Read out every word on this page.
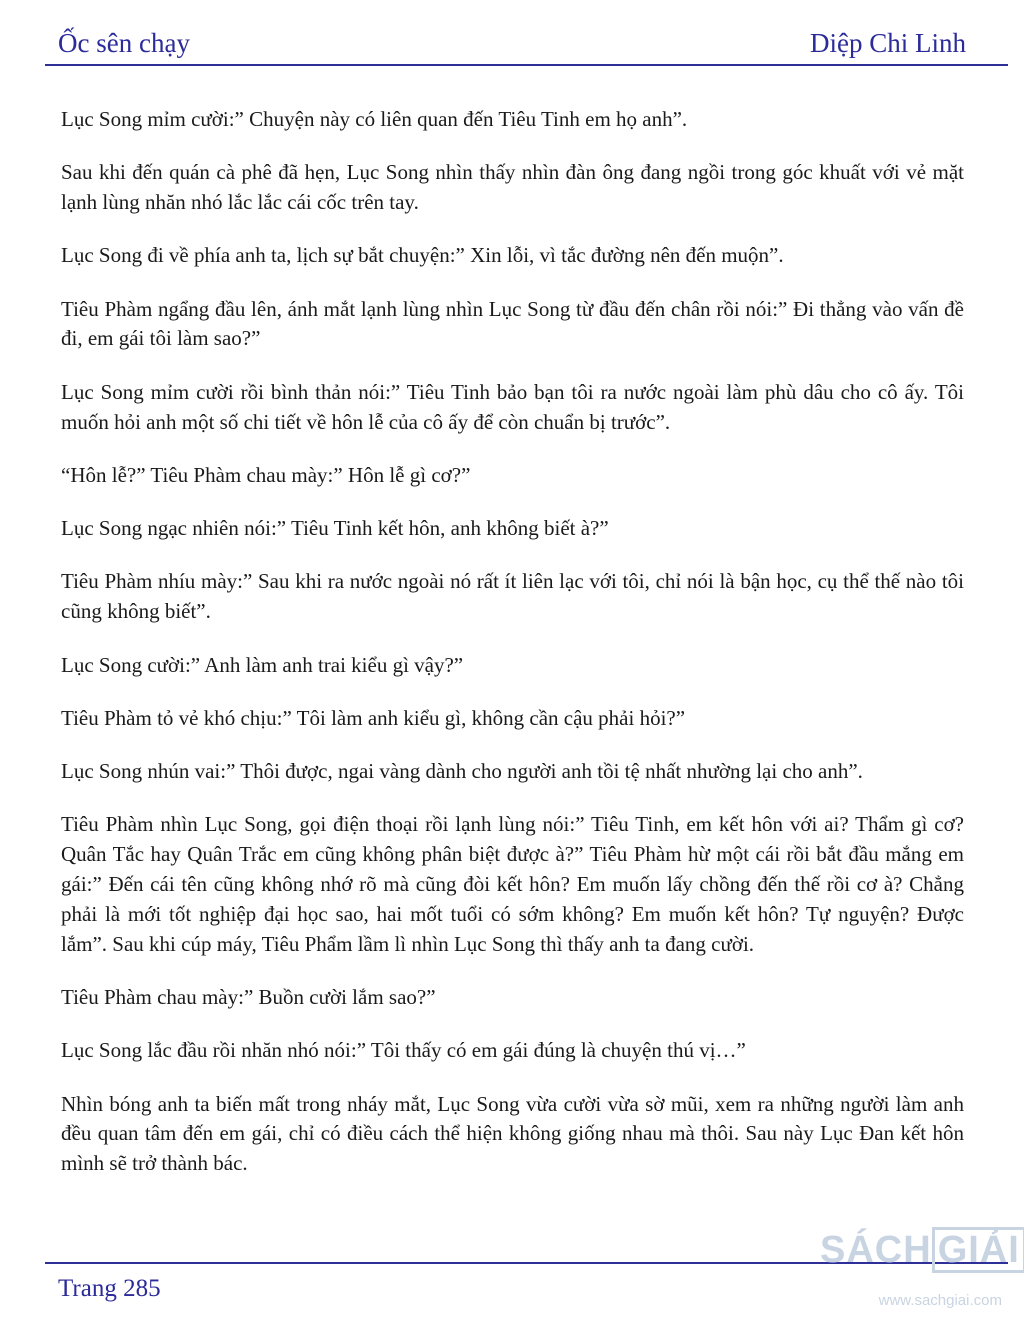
Ốc sên chạy	Diệp Chi Linh

Lục Song mỉm cười:” Chuyện này có liên quan đến Tiêu Tinh em họ anh”.

Sau khi đến quán cà phê đã hẹn, Lục Song nhìn thấy nhìn đàn ông đang ngồi trong góc khuất với vẻ mặt lạnh lùng nhăn nhó lắc lắc cái cốc trên tay.

Lục Song đi về phía anh ta, lịch sự bắt chuyện:” Xin lỗi, vì tắc đường nên đến muộn”.

Tiêu Phàm ngẩng đầu lên, ánh mắt lạnh lùng nhìn Lục Song từ đầu đến chân rồi nói:” Đi thẳng vào vấn đề đi, em gái tôi làm sao?”

Lục Song mỉm cười rồi bình thản nói:” Tiêu Tinh bảo bạn tôi ra nước ngoài làm phù dâu cho cô ấy. Tôi muốn hỏi anh một số chi tiết về hôn lễ của cô ấy để còn chuẩn bị trước”.

“Hôn lễ?” Tiêu Phàm chau mày:” Hôn lễ gì cơ?”

Lục Song ngạc nhiên nói:” Tiêu Tinh kết hôn, anh không biết à?”

Tiêu Phàm nhíu mày:” Sau khi ra nước ngoài nó rất ít liên lạc với tôi, chỉ nói là bận học, cụ thể thế nào tôi cũng không biết”.

Lục Song cười:” Anh làm anh trai kiểu gì vậy?”

Tiêu Phàm tỏ vẻ khó chịu:” Tôi làm anh kiểu gì, không cần cậu phải hỏi?”

Lục Song nhún vai:” Thôi được, ngai vàng dành cho người anh tồi tệ nhất nhường lại cho anh”.

Tiêu Phàm nhìn Lục Song, gọi điện thoại rồi lạnh lùng nói:” Tiêu Tinh, em kết hôn với ai? Thẩm gì cơ? Quân Tắc hay Quân Trắc em cũng không phân biệt được à?” Tiêu Phàm hừ một cái rồi bắt đầu mắng em gái:” Đến cái tên cũng không nhớ rõ mà cũng đòi kết hôn? Em muốn lấy chồng đến thế rồi cơ à? Chẳng phải là mới tốt nghiệp đại học sao, hai mốt tuổi có sớm không? Em muốn kết hôn? Tự nguyện? Được lắm”. Sau khi cúp máy, Tiêu Phẩm lầm lì nhìn Lục Song thì thấy anh ta đang cười.

Tiêu Phàm chau mày:” Buồn cười lắm sao?”

Lục Song lắc đầu rồi nhăn nhó nói:” Tôi thấy có em gái đúng là chuyện thú vị…”

Nhìn bóng anh ta biến mất trong nháy mắt, Lục Song vừa cười vừa sờ mũi, xem ra những người làm anh đều quan tâm đến em gái, chỉ có điều cách thể hiện không giống nhau mà thôi. Sau này Lục Đan kết hôn mình sẽ trở thành bác.

Trang 285
SÁCH GIẢI
www.sachgiai.com
